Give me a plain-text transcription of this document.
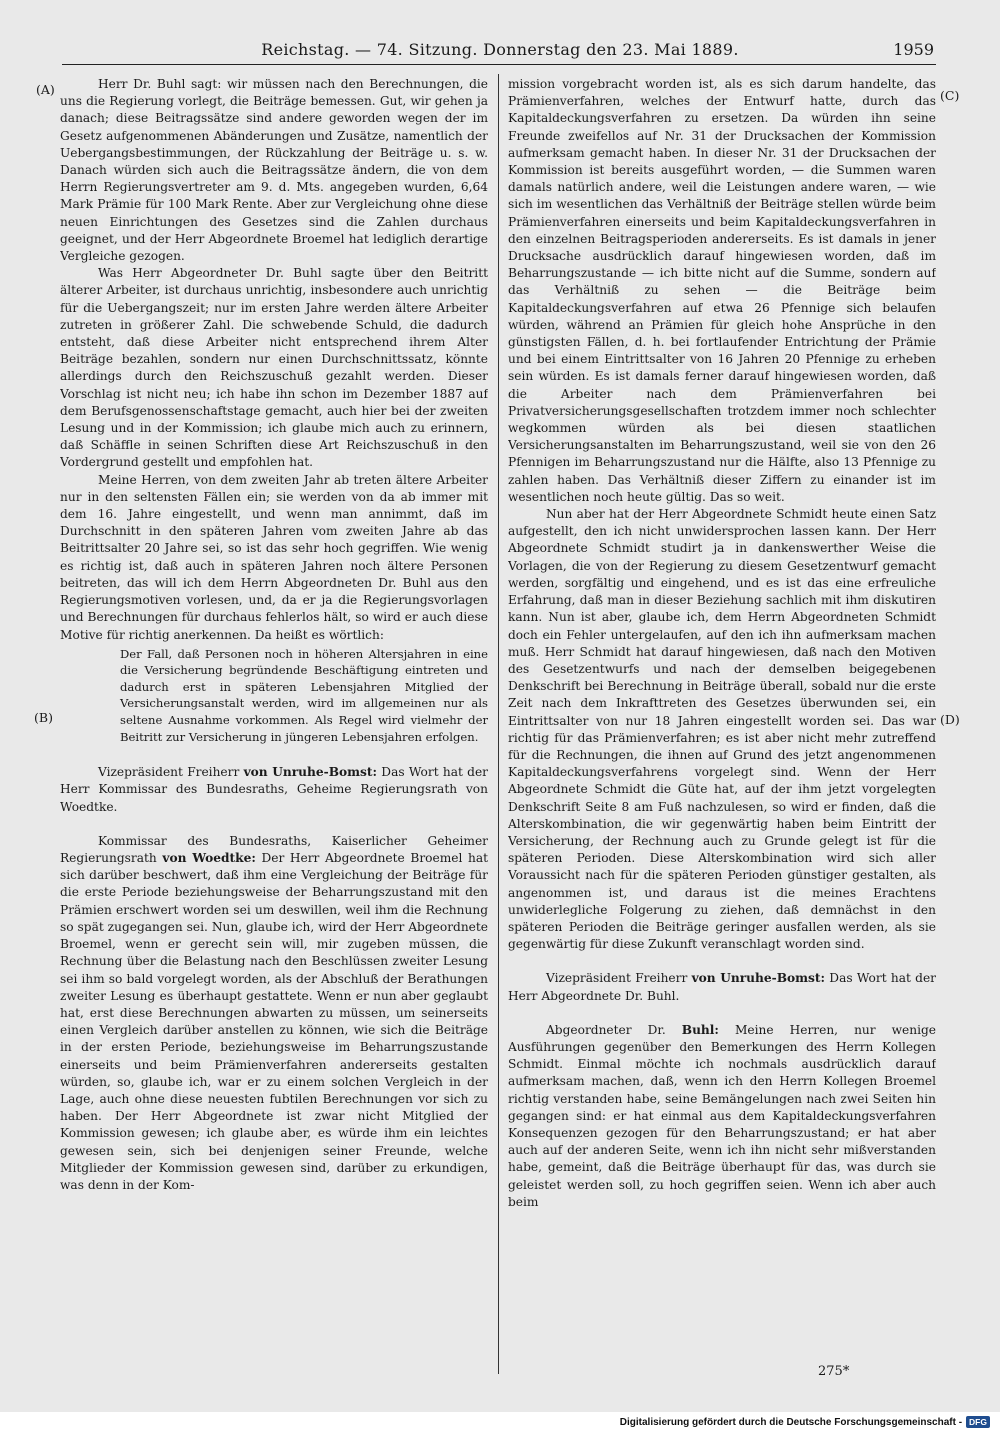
Reichstag. — 74. Sitzung. Donnerstag den 23. Mai 1889.	1959
(A)
(B)
(C)
(D)

Herr Dr. Buhl sagt: wir müssen nach den Berechnungen, die uns die Regierung vorlegt, die Beiträge bemessen. Gut, wir gehen ja danach; diese Beitragssätze sind andere geworden wegen der im Gesetz aufgenommenen Abänderungen und Zusätze, namentlich der Uebergangsbestimmungen, der Rückzahlung der Beiträge u. s. w. Danach würden sich auch die Beitragssätze ändern, die von dem Herrn Regierungsvertreter am 9. d. Mts. angegeben wurden, 6,64 Mark Prämie für 100 Mark Rente. Aber zur Vergleichung ohne diese neuen Einrichtungen des Gesetzes sind die Zahlen durchaus geeignet, und der Herr Abgeordnete Broemel hat lediglich derartige Vergleiche gezogen.

Was Herr Abgeordneter Dr. Buhl sagte über den Beitritt älterer Arbeiter, ist durchaus unrichtig, insbesondere auch unrichtig für die Uebergangszeit; nur im ersten Jahre werden ältere Arbeiter zutreten in größerer Zahl. Die schwebende Schuld, die dadurch entsteht, daß diese Arbeiter nicht entsprechend ihrem Alter Beiträge bezahlen, sondern nur einen Durchschnittssatz, könnte allerdings durch den Reichszuschuß gezahlt werden. Dieser Vorschlag ist nicht neu; ich habe ihn schon im Dezember 1887 auf dem Berufsgenossenschaftstage gemacht, auch hier bei der zweiten Lesung und in der Kommission; ich glaube mich auch zu erinnern, daß Schäffle in seinen Schriften diese Art Reichszuschuß in den Vordergrund gestellt und empfohlen hat.

Meine Herren, von dem zweiten Jahr ab treten ältere Arbeiter nur in den seltensten Fällen ein; sie werden von da ab immer mit dem 16. Jahre eingestellt, und wenn man annimmt, daß im Durchschnitt in den späteren Jahren vom zweiten Jahre ab das Beitrittsalter 20 Jahre sei, so ist das sehr hoch gegriffen. Wie wenig es richtig ist, daß auch in späteren Jahren noch ältere Personen beitreten, das will ich dem Herrn Abgeordneten Dr. Buhl aus den Regierungsmotiven vorlesen, und, da er ja die Regierungsvorlagen und Berechnungen für durchaus fehlerlos hält, so wird er auch diese Motive für richtig anerkennen. Da heißt es wörtlich:

Der Fall, daß Personen noch in höheren Altersjahren in eine die Versicherung begründende Beschäftigung eintreten und dadurch erst in späteren Lebensjahren Mitglied der Versicherungsanstalt werden, wird im allgemeinen nur als seltene Ausnahme vorkommen. Als Regel wird vielmehr der Beitritt zur Versicherung in jüngeren Lebensjahren erfolgen.

Vizepräsident Freiherr von Unruhe-Bomst: Das Wort hat der Herr Kommissar des Bundesraths, Geheime Regierungsrath von Woedtke.

Kommissar des Bundesraths, Kaiserlicher Geheimer Regierungsrath von Woedtke: Der Herr Abgeordnete Broemel hat sich darüber beschwert, daß ihm eine Vergleichung der Beiträge für die erste Periode beziehungsweise der Beharrungszustand mit den Prämien erschwert worden sei um deswillen, weil ihm die Rechnung so spät zugegangen sei. Nun, glaube ich, wird der Herr Abgeordnete Broemel, wenn er gerecht sein will, mir zugeben müssen, die Rechnung über die Belastung nach den Beschlüssen zweiter Lesung sei ihm so bald vorgelegt worden, als der Abschluß der Berathungen zweiter Lesung es überhaupt gestattete. Wenn er nun aber geglaubt hat, erst diese Berechnungen abwarten zu müssen, um seinerseits einen Vergleich darüber anstellen zu können, wie sich die Beiträge in der ersten Periode, beziehungsweise im Beharrungszustande einerseits und beim Prämienverfahren andererseits gestalten würden, so, glaube ich, war er zu einem solchen Vergleich in der Lage, auch ohne diese neuesten fubtilen Berechnungen vor sich zu haben. Der Herr Abgeordnete ist zwar nicht Mitglied der Kommission gewesen; ich glaube aber, es würde ihm ein leichtes gewesen sein, sich bei denjenigen seiner Freunde, welche Mitglieder der Kommission gewesen sind, darüber zu erkundigen, was denn in der Kom-

mission vorgebracht worden ist, als es sich darum handelte, das Prämienverfahren, welches der Entwurf hatte, durch das Kapitaldeckungsverfahren zu ersetzen. Da würden ihn seine Freunde zweifellos auf Nr. 31 der Drucksachen der Kommission aufmerksam gemacht haben. In dieser Nr. 31 der Drucksachen der Kommission ist bereits ausgeführt worden, — die Summen waren damals natürlich andere, weil die Leistungen andere waren, — wie sich im wesentlichen das Verhältniß der Beiträge stellen würde beim Prämienverfahren einerseits und beim Kapitaldeckungsverfahren in den einzelnen Beitragsperioden andererseits. Es ist damals in jener Drucksache ausdrücklich darauf hingewiesen worden, daß im Beharrungszustande — ich bitte nicht auf die Summe, sondern auf das Verhältniß zu sehen — die Beiträge beim Kapitaldeckungsverfahren auf etwa 26 Pfennige sich belaufen würden, während an Prämien für gleich hohe Ansprüche in den günstigsten Fällen, d. h. bei fortlaufender Entrichtung der Prämie und bei einem Eintrittsalter von 16 Jahren 20 Pfennige zu erheben sein würden. Es ist damals ferner darauf hingewiesen worden, daß die Arbeiter nach dem Prämienverfahren bei Privatversicherungsgesellschaften trotzdem immer noch schlechter wegkommen würden als bei diesen staatlichen Versicherungsanstalten im Beharrungszustand, weil sie von den 26 Pfennigen im Beharrungszustand nur die Hälfte, also 13 Pfennige zu zahlen haben. Das Verhältniß dieser Ziffern zu einander ist im wesentlichen noch heute gültig. Das so weit.

Nun aber hat der Herr Abgeordnete Schmidt heute einen Satz aufgestellt, den ich nicht unwidersprochen lassen kann. Der Herr Abgeordnete Schmidt studirt ja in dankenswerther Weise die Vorlagen, die von der Regierung zu diesem Gesetzentwurf gemacht werden, sorgfältig und eingehend, und es ist das eine erfreuliche Erfahrung, daß man in dieser Beziehung sachlich mit ihm diskutiren kann. Nun ist aber, glaube ich, dem Herrn Abgeordneten Schmidt doch ein Fehler untergelaufen, auf den ich ihn aufmerksam machen muß. Herr Schmidt hat darauf hingewiesen, daß nach den Motiven des Gesetzentwurfs und nach der demselben beigegebenen Denkschrift bei Berechnung in Beiträge überall, sobald nur die erste Zeit nach dem Inkrafttreten des Gesetzes überwunden sei, ein Eintrittsalter von nur 18 Jahren eingestellt worden sei. Das war richtig für das Prämienverfahren; es ist aber nicht mehr zutreffend für die Rechnungen, die ihnen auf Grund des jetzt angenommenen Kapitaldeckungsverfahrens vorgelegt sind. Wenn der Herr Abgeordnete Schmidt die Güte hat, auf der ihm jetzt vorgelegten Denkschrift Seite 8 am Fuß nachzulesen, so wird er finden, daß die Alterskombination, die wir gegenwärtig haben beim Eintritt der Versicherung, der Rechnung auch zu Grunde gelegt ist für die späteren Perioden. Diese Alterskombination wird sich aller Voraussicht nach für die späteren Perioden günstiger gestalten, als angenommen ist, und daraus ist die meines Erachtens unwiderlegliche Folgerung zu ziehen, daß demnächst in den späteren Perioden die Beiträge geringer ausfallen werden, als sie gegenwärtig für diese Zukunft veranschlagt worden sind.

Vizepräsident Freiherr von Unruhe-Bomst: Das Wort hat der Herr Abgeordnete Dr. Buhl.

Abgeordneter Dr. Buhl: Meine Herren, nur wenige Ausführungen gegenüber den Bemerkungen des Herrn Kollegen Schmidt. Einmal möchte ich nochmals ausdrücklich darauf aufmerksam machen, daß, wenn ich den Herrn Kollegen Broemel richtig verstanden habe, seine Bemängelungen nach zwei Seiten hin gegangen sind: er hat einmal aus dem Kapitaldeckungsverfahren Konsequenzen gezogen für den Beharrungszustand; er hat aber auch auf der anderen Seite, wenn ich ihn nicht sehr mißverstanden habe, gemeint, daß die Beiträge überhaupt für das, was durch sie geleistet werden soll, zu hoch gegriffen seien. Wenn ich aber auch beim

275*
Digitalisierung gefördert durch die Deutsche Forschungsgemeinschaft - DFG
